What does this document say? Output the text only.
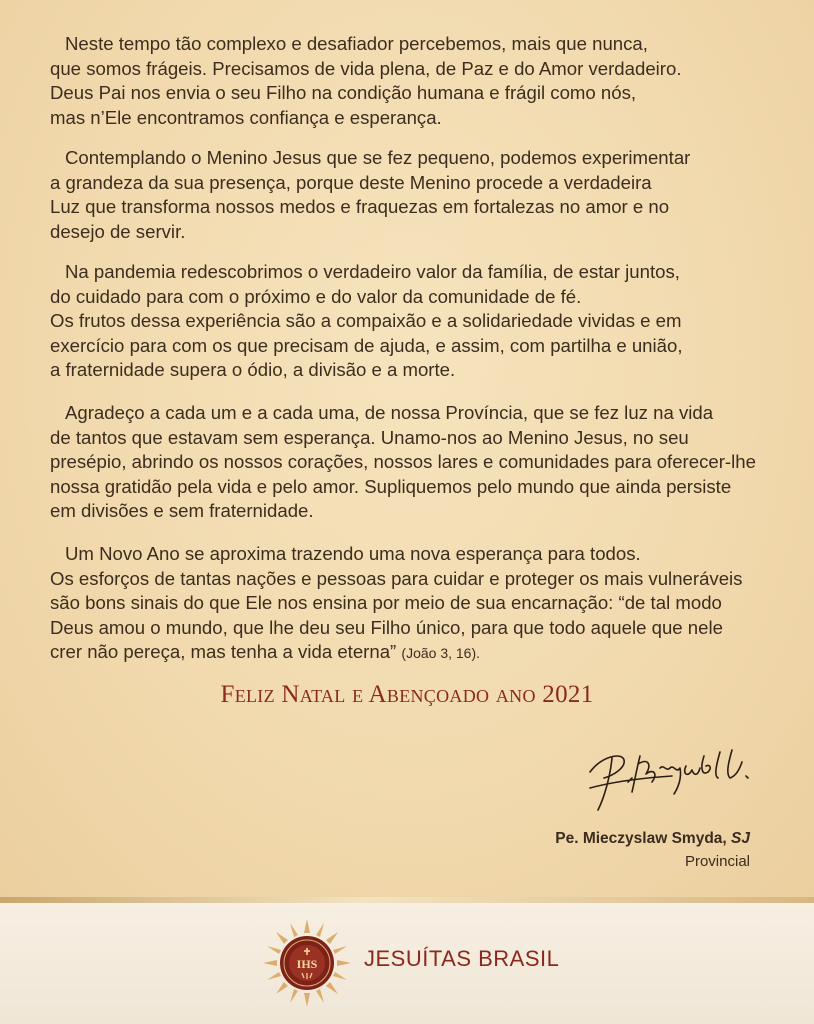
Neste tempo tão complexo e desafiador percebemos, mais que nunca,
que somos frágeis. Precisamos de vida plena, de Paz e do Amor verdadeiro.
Deus Pai nos envia o seu Filho na condição humana e frágil como nós,
mas n’Ele encontramos confiança e esperança.

Contemplando o Menino Jesus que se fez pequeno, podemos experimentar
a grandeza da sua presença, porque deste Menino procede a verdadeira
Luz que transforma nossos medos e fraquezas em fortalezas no amor e no
desejo de servir.

Na pandemia redescobrimos o verdadeiro valor da família, de estar juntos,
do cuidado para com o próximo e do valor da comunidade de fé.
Os frutos dessa experiência são a compaixão e a solidariedade vividas e em
exercício para com os que precisam de ajuda, e assim, com partilha e união,
a fraternidade supera o ódio, a divisão e a morte.

Agradeço a cada um e a cada uma, de nossa Província, que se fez luz na vida
de tantos que estavam sem esperança. Unamo-nos ao Menino Jesus, no seu
presépio, abrindo os nossos corações, nossos lares e comunidades para oferecer-lhe
nossa gratidão pela vida e pelo amor. Supliquemos pelo mundo que ainda persiste
em divisões e sem fraternidade.

Um Novo Ano se aproxima trazendo uma nova esperança para todos.
Os esforços de tantas nações e pessoas para cuidar e proteger os mais vulneráveis
são bons sinais do que Ele nos ensina por meio de sua encarnação: “de tal modo
Deus amou o mundo, que lhe deu seu Filho único, para que todo aquele que nele
crer não pereça, mas tenha a vida eterna” (João 3, 16).

Feliz Natal e Abençoado ano 2021
Pe. Mieczyslaw Smyda, SJ
Provincial
IHS JESUÍTAS BRASIL
